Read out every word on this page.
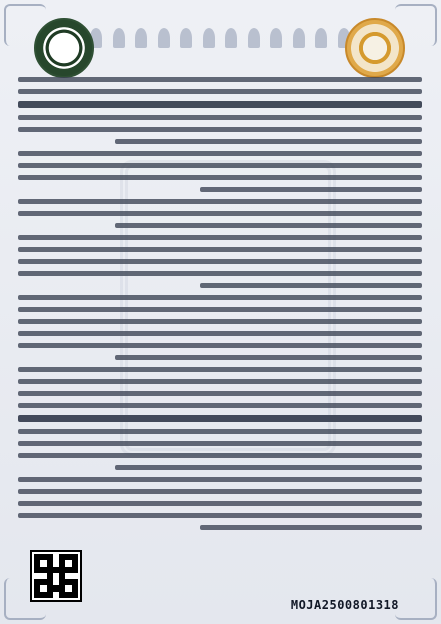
MOJA2500801318
